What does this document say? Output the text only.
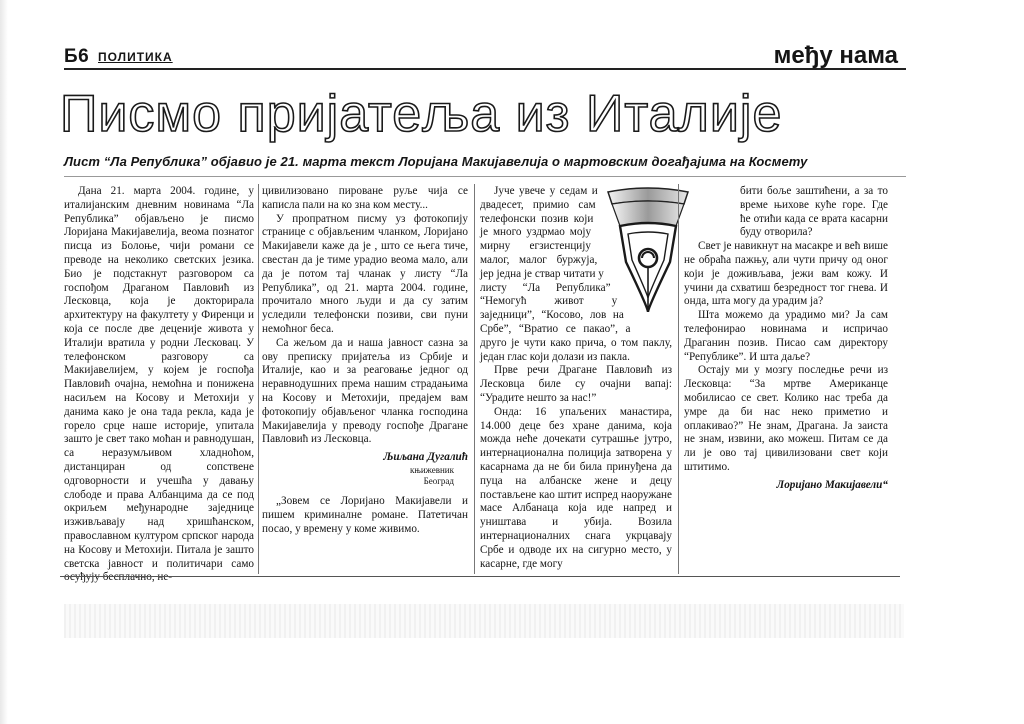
Б6 ПОЛИТИКА	међу нама
Писмо пријатеља из Италије
Лист “Ла Република” објавио је 21. марта текст Лоријана Макијавелија о мартовским догађајима на Космету

Дана 21. марта 2004. године, у италијанским дневним новинама “Ла Република” објављено је писмо Лоријана Макијавелија, веома познатог писца из Болоње, чији романи се преводе на неколико светских језика. Био је подстакнут разговором са госпођом Драганом Павловић из Лесковца, која је докторирала архитектуру на факултету у Фиренци и која се после две деценије живота у Италији вратила у родни Лесковац. У телефонском разговору са Макијавелијем, у којем је госпођа Павловић очајна, немоћна и понижена насиљем на Косову и Метохији у данима како је она тада рекла, када је горело срце наше историје, упитала зашто је свет тако моћан и равнодушан, са неразумљивом хладноћом, дистанциран од сопствене одговорности и учешћа у давању слободе и права Албанцима да се под окриљем међународне заједнице изживљавају над хришћанском, православном културом српског народа на Косову и Метохији. Питала је зашто светска јавност и политичари само осуђују бесплачно, не-

цивилизовано пироване руље чија се каписла пали на ко зна ком месту...

У пропратном писму уз фотокопију странице с објављеним чланком, Лоријано Макијавели каже да је , што се њега тиче, свестан да је тиме урадио веома мало, али да је потом тај чланак у листу “Ла Република”, од 21. марта 2004. године, прочитало много људи и да су затим уследили телефонски позиви, сви пуни немоћног беса.

Са жељом да и наша јавност сазна за ову преписку пријатеља из Србије и Италије, као и за реаговање једног од неравнодушних према нашим страдањима на Косову и Метохији, предајем вам фотокопију објављеног чланка господина Макијавелија у преводу госпође Драгане Павловић из Лесковца.

Љиљана Дугалић

књижевник

Београд

„Зовем се Лоријано Макијавели и пишем криминалне романе. Патетичан посао, у времену у коме живимо.

Јуче увече у седам и двадесет, примио сам телефонски позив који је много уздрмао моју мирну егзистенцију малог, малог буржуја, јер једна је ствар читати у листу “Ла Република” “Немогућ живот у заједници”, “Косово, лов на Србе”, “Вратио се пакао”, а друго је чути како прича, о том паклу, један глас који долази из пакла.

Прве речи Драгане Павловић из Лесковца биле су очајни вапај: “Урадите нешто за нас!”

Онда: 16 упаљених манастира, 14.000 деце без хране данима, која можда неће дочекати сутрашње јутро, интернационална полиција затворена у касарнама да не би била принуђена да пуца на албанске жене и децу постављене као штит испред наоружане масе Албанаца која иде напред и уништава и убија. Возила интернационалних снага укрцавају Србе и одводе их на сигурно место, у касарне, где могу

бити боље заштићени, а за то време њихове куће горе. Где ће отићи када се врата касарни буду отворила?

Свет је навикнут на масакре и већ више не обраћа пажњу, али чути причу од оног који је доживљава, јежи вам кожу. И учини да схватиш безредност тог гнева. И онда, шта могу да урадим ја?

Шта можемо да урадимо ми? Ја сам телефонирао новинама и испричао Драганин позив. Писао сам директору “Републике”. И шта даље?

Остају ми у мозгу последње речи из Лесковца: “За мртве Американце мобилисао се свет. Колико нас треба да умре да би нас неко приметио и оплакивао?” Не знам, Драгана. Ја заиста не знам, извини, ако можеш. Питам се да ли је ово тај цивилизовани свет који штитимо.

Лоријано Макијавели“
